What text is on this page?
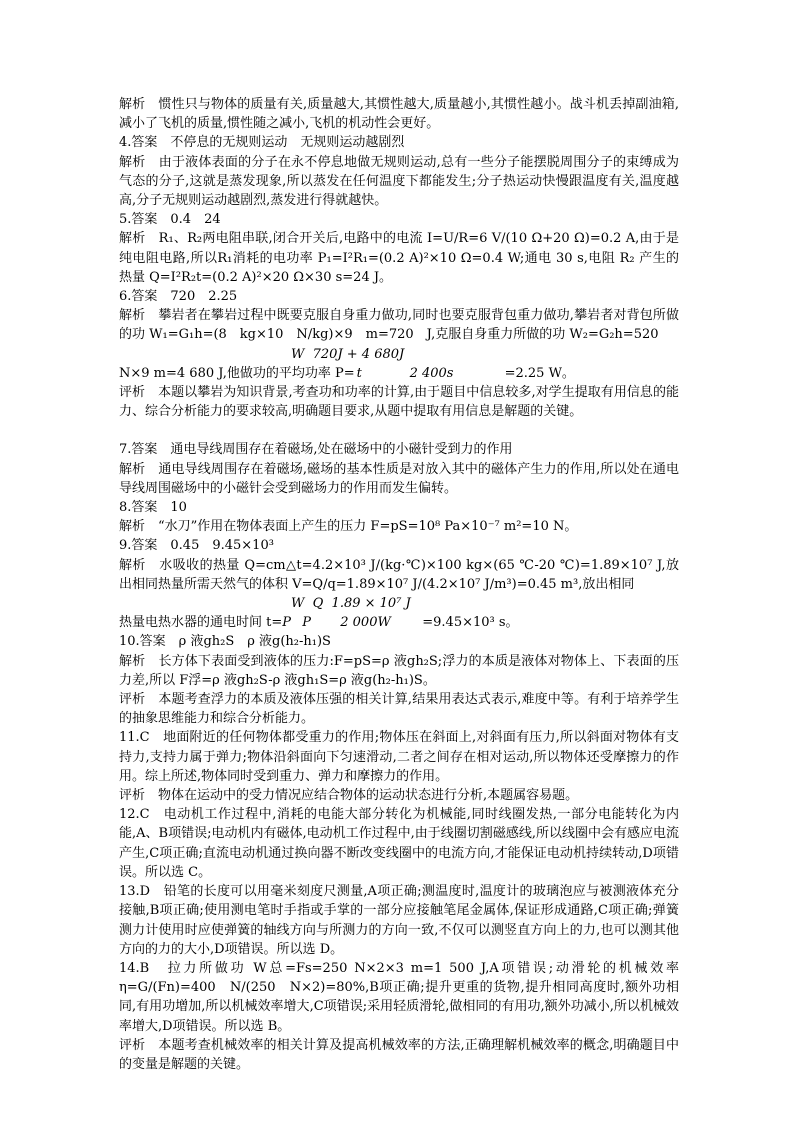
解析　惯性只与物体的质量有关,质量越大,其惯性越大,质量越小,其惯性越小。战斗机丢掉副油箱,减小了飞机的质量,惯性随之减小,飞机的机动性会更好。

4.答案　不停息的无规则运动　无规则运动越剧烈

解析　由于液体表面的分子在永不停息地做无规则运动,总有一些分子能摆脱周围分子的束缚成为气态的分子,这就是蒸发现象,所以蒸发在任何温度下都能发生;分子热运动快慢跟温度有关,温度越高,分子无规则运动越剧烈,蒸发进行得就越快。

5.答案　0.4　24

解析　R₁、R₂两电阻串联,闭合开关后,电路中的电流 I=U/R=6 V/(10 Ω+20 Ω)=0.2 A,由于是纯电阻电路,所以R₁消耗的电功率 P₁=I²R₁=(0.2 A)²×10 Ω=0.4 W;通电 30 s,电阻 R₂ 产生的热量 Q=I²R₂t=(0.2 A)²×20 Ω×30 s=24 J。

6.答案　720　2.25

解析　攀岩者在攀岩过程中既要克服自身重力做功,同时也要克服背包重力做功,攀岩者对背包所做的功 W₁=G₁h=(8　kg×10　N/kg)×9　m=720　J,克服自身重力所做的功 W₂=G₂h=520

W  720J + 4 680J

N×9 m=4 680 J,他做功的平均功率 P= t	2 400s	=2.25 W。

评析　本题以攀岩为知识背景,考查功和功率的计算,由于题目中信息较多,对学生提取有用信息的能力、综合分析能力的要求较高,明确题目要求,从题中提取有用信息是解题的关键。

7.答案　通电导线周围存在着磁场,处在磁场中的小磁针受到力的作用

解析　通电导线周围存在着磁场,磁场的基本性质是对放入其中的磁体产生力的作用,所以处在通电导线周围磁场中的小磁针会受到磁场力的作用而发生偏转。

8.答案　10

解析　“水刀”作用在物体表面上产生的压力 F=pS=10⁸ Pa×10⁻⁷ m²=10 N。

9.答案　0.45　9.45×10³

解析　水吸收的热量 Q=cm△t=4.2×10³ J/(kg·℃)×100 kg×(65 ℃-20 ℃)=1.89×10⁷ J,放出相同热量所需天然气的体积 V=Q/q=1.89×10⁷ J/(4.2×10⁷ J/m³)=0.45 m³,放出相同

W  Q  1.89 × 10⁷ J

热量电热水器的通电时间 t= P P 2 000W =9.45×10³ s。

10.答案　ρ 液gh₂S　ρ 液g(h₂-h₁)S

解析　长方体下表面受到液体的压力:F=pS=ρ 液gh₂S;浮力的本质是液体对物体上、下表面的压力差,所以 F浮=ρ 液gh₂S-ρ 液gh₁S=ρ 液g(h₂-h₁)S。

评析　本题考查浮力的本质及液体压强的相关计算,结果用表达式表示,难度中等。有利于培养学生的抽象思维能力和综合分析能力。

11.C　地面附近的任何物体都受重力的作用;物体压在斜面上,对斜面有压力,所以斜面对物体有支持力,支持力属于弹力;物体沿斜面向下匀速滑动,二者之间存在相对运动,所以物体还受摩擦力的作用。综上所述,物体同时受到重力、弹力和摩擦力的作用。

评析　物体在运动中的受力情况应结合物体的运动状态进行分析,本题属容易题。

12.C　电动机工作过程中,消耗的电能大部分转化为机械能,同时线圈发热,一部分电能转化为内能,A、B项错误;电动机内有磁体,电动机工作过程中,由于线圈切割磁感线,所以线圈中会有感应电流产生,C项正确;直流电动机通过换向器不断改变线圈中的电流方向,才能保证电动机持续转动,D项错误。所以选 C。

13.D　铅笔的长度可以用毫米刻度尺测量,A项正确;测温度时,温度计的玻璃泡应与被测液体充分接触,B项正确;使用测电笔时手指或手掌的一部分应接触笔尾金属体,保证形成通路,C项正确;弹簧测力计使用时应使弹簧的轴线方向与所测力的方向一致,不仅可以测竖直方向上的力,也可以测其他方向的力的大小,D项错误。所以选 D。

14.B　拉力所做功 W总=Fs=250 N×2×3 m=1 500 J,A项错误;动滑轮的机械效率 η=G/(Fn)=400　N/(250　N×2)=80%,B项正确;提升更重的货物,提升相同高度时,额外功相同,有用功增加,所以机械效率增大,C项错误;采用轻质滑轮,做相同的有用功,额外功减小,所以机械效率增大,D项错误。所以选 B。

评析　本题考查机械效率的相关计算及提高机械效率的方法,正确理解机械效率的概念,明确题目中的变量是解题的关键。
